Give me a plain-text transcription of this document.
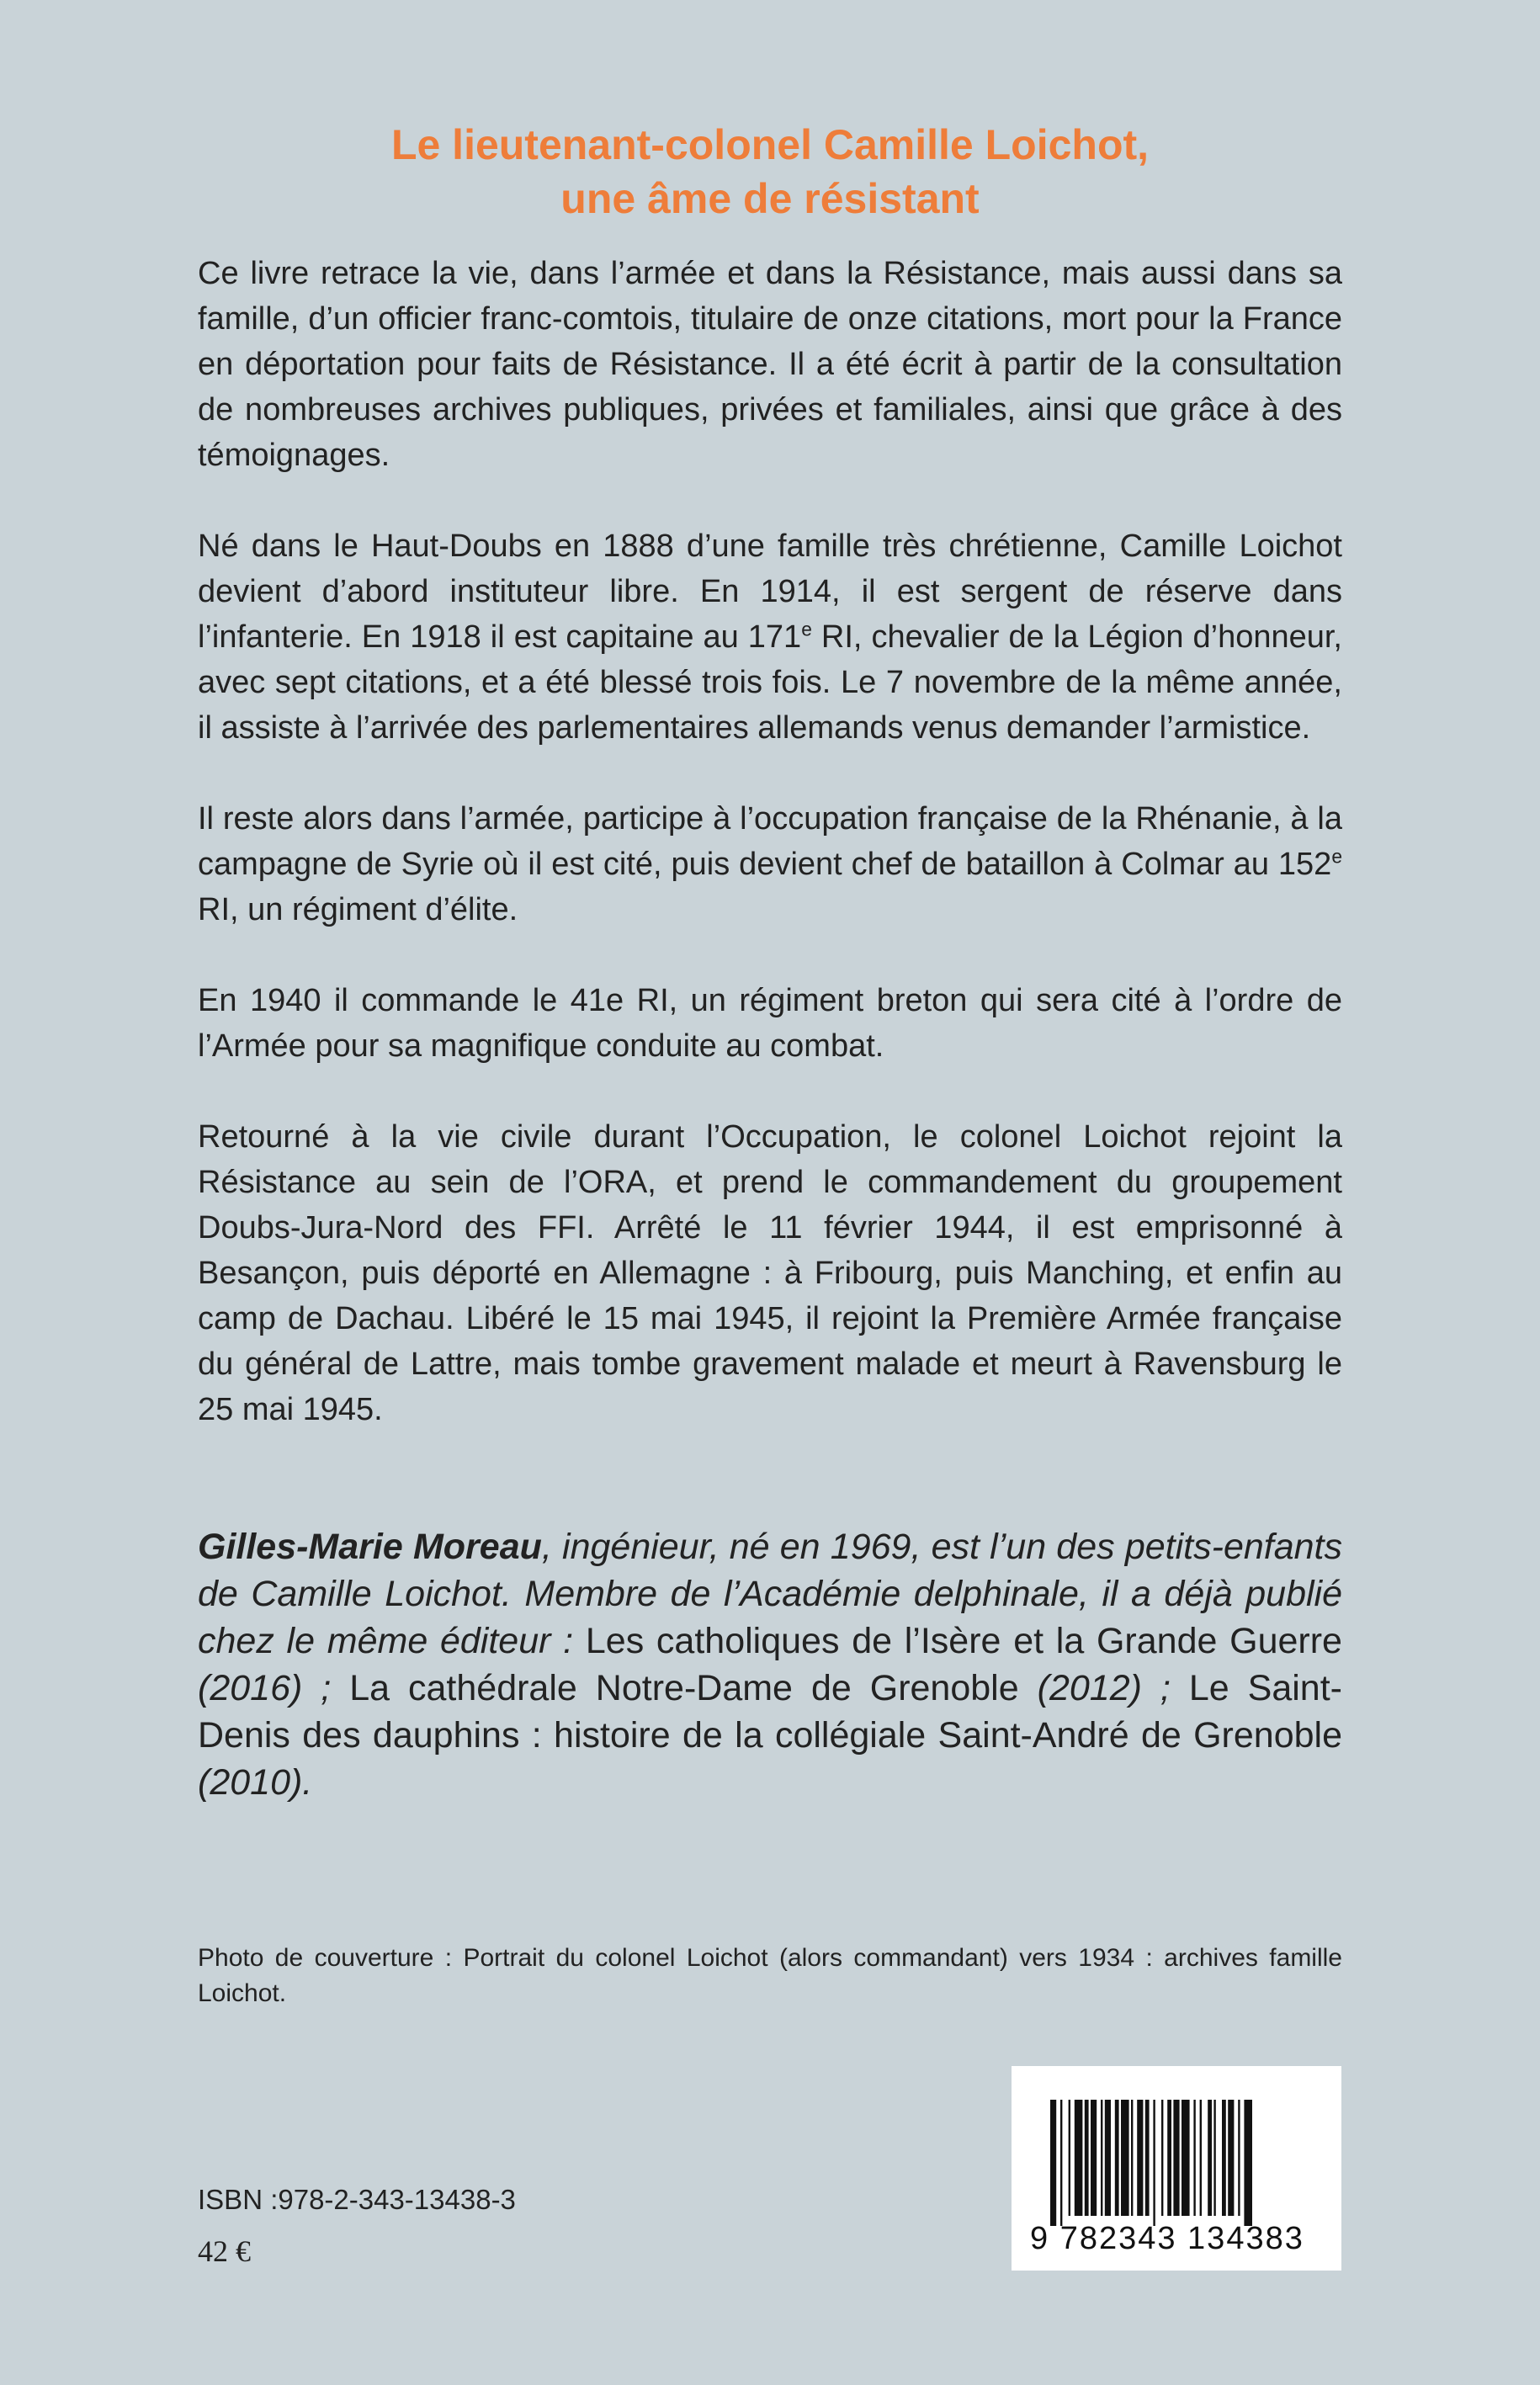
Le lieutenant-colonel Camille Loichot,
une âme de résistant

Ce livre retrace la vie, dans l’armée et dans la Résistance, mais aussi dans sa famille, d’un officier franc-comtois, titulaire de onze citations, mort pour la France en déportation pour faits de Résistance. Il a été écrit à partir de la consultation de nombreuses archives publiques, privées et familiales, ainsi que grâce à des témoignages.

Né dans le Haut-Doubs en 1888 d’une famille très chrétienne, Camille Loichot devient d’abord instituteur libre. En 1914, il est sergent de réserve dans l’infanterie. En 1918 il est capitaine au 171e RI, chevalier de la Légion d’honneur, avec sept citations, et a été blessé trois fois. Le 7 novembre de la même année, il assiste à l’arrivée des parlementaires allemands venus demander l’armistice.

Il reste alors dans l’armée, participe à l’occupation française de la Rhénanie, à la campagne de Syrie où il est cité, puis devient chef de bataillon à Colmar au 152e RI, un régiment d’élite.

En 1940 il commande le 41e RI, un régiment breton qui sera cité à l’ordre de l’Armée pour sa magnifique conduite au combat.

Retourné à la vie civile durant l’Occupation, le colonel Loichot rejoint la Résistance au sein de l’ORA, et prend le commandement du groupement Doubs-Jura-Nord des FFI. Arrêté le 11 février 1944, il est emprisonné à Besançon, puis déporté en Allemagne : à Fribourg, puis Manching, et enfin au camp de Dachau. Libéré le 15 mai 1945, il rejoint la Première Armée française du général de Lattre, mais tombe gravement malade et meurt à Ravensburg le 25 mai 1945.

Gilles-Marie Moreau, ingénieur, né en 1969, est l’un des petits-enfants de Camille Loichot. Membre de l’Académie delphinale, il a déjà publié chez le même éditeur : Les catholiques de l’Isère et la Grande Guerre (2016) ; La cathédrale Notre-Dame de Grenoble (2012) ; Le Saint-Denis des dauphins : histoire de la collégiale Saint-André de Grenoble (2010).

Photo de couverture : Portrait du colonel Loichot (alors commandant) vers 1934 : archives famille Loichot.
ISBN :978-2-343-13438-3
42 €	9 782343 134383
